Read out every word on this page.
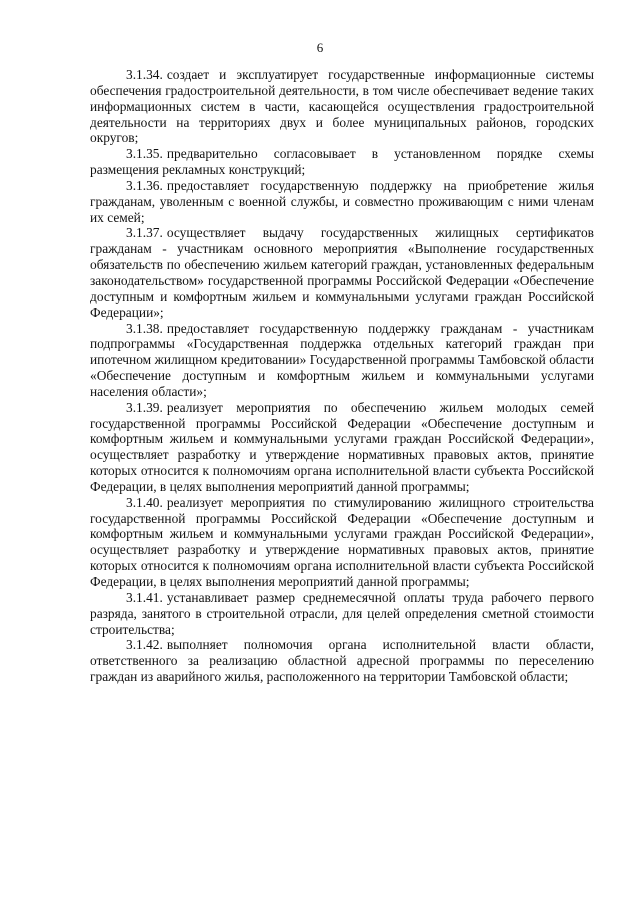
6

3.1.34. создает и эксплуатирует государственные информационные системы обеспечения градостроительной деятельности, в том числе обеспечивает ведение таких информационных систем в части, касающейся осуществления градостроительной деятельности на территориях двух и более муниципальных районов, городских округов;

3.1.35. предварительно согласовывает в установленном порядке схемы размещения рекламных конструкций;

3.1.36. предоставляет государственную поддержку на приобретение жилья гражданам, уволенным с военной службы, и совместно проживающим с ними членам их семей;

3.1.37. осуществляет выдачу государственных жилищных сертификатов гражданам - участникам основного мероприятия «Выполнение государственных обязательств по обеспечению жильем категорий граждан, установленных федеральным законодательством» государственной программы Российской Федерации «Обеспечение доступным и комфортным жильем и коммунальными услугами граждан Российской Федерации»;

3.1.38. предоставляет государственную поддержку гражданам - участникам подпрограммы «Государственная поддержка отдельных категорий граждан при ипотечном жилищном кредитовании» Государственной программы Тамбовской области «Обеспечение доступным и комфортным жильем и коммунальными услугами населения области»;

3.1.39. реализует мероприятия по обеспечению жильем молодых семей государственной программы Российской Федерации «Обеспечение доступным и комфортным жильем и коммунальными услугами граждан Российской Федерации», осуществляет разработку и утверждение нормативных правовых актов, принятие которых относится к полномочиям органа исполнительной власти субъекта Российской Федерации, в целях выполнения мероприятий данной программы;

3.1.40. реализует мероприятия по стимулированию жилищного строительства государственной программы Российской Федерации «Обеспечение доступным и комфортным жильем и коммунальными услугами граждан Российской Федерации», осуществляет разработку и утверждение нормативных правовых актов, принятие которых относится к полномочиям органа исполнительной власти субъекта Российской Федерации, в целях выполнения мероприятий данной программы;

3.1.41. устанавливает размер среднемесячной оплаты труда рабочего первого разряда, занятого в строительной отрасли, для целей определения сметной стоимости строительства;

3.1.42. выполняет полномочия органа исполнительной власти области, ответственного за реализацию областной адресной программы по переселению граждан из аварийного жилья, расположенного на территории Тамбовской области;
